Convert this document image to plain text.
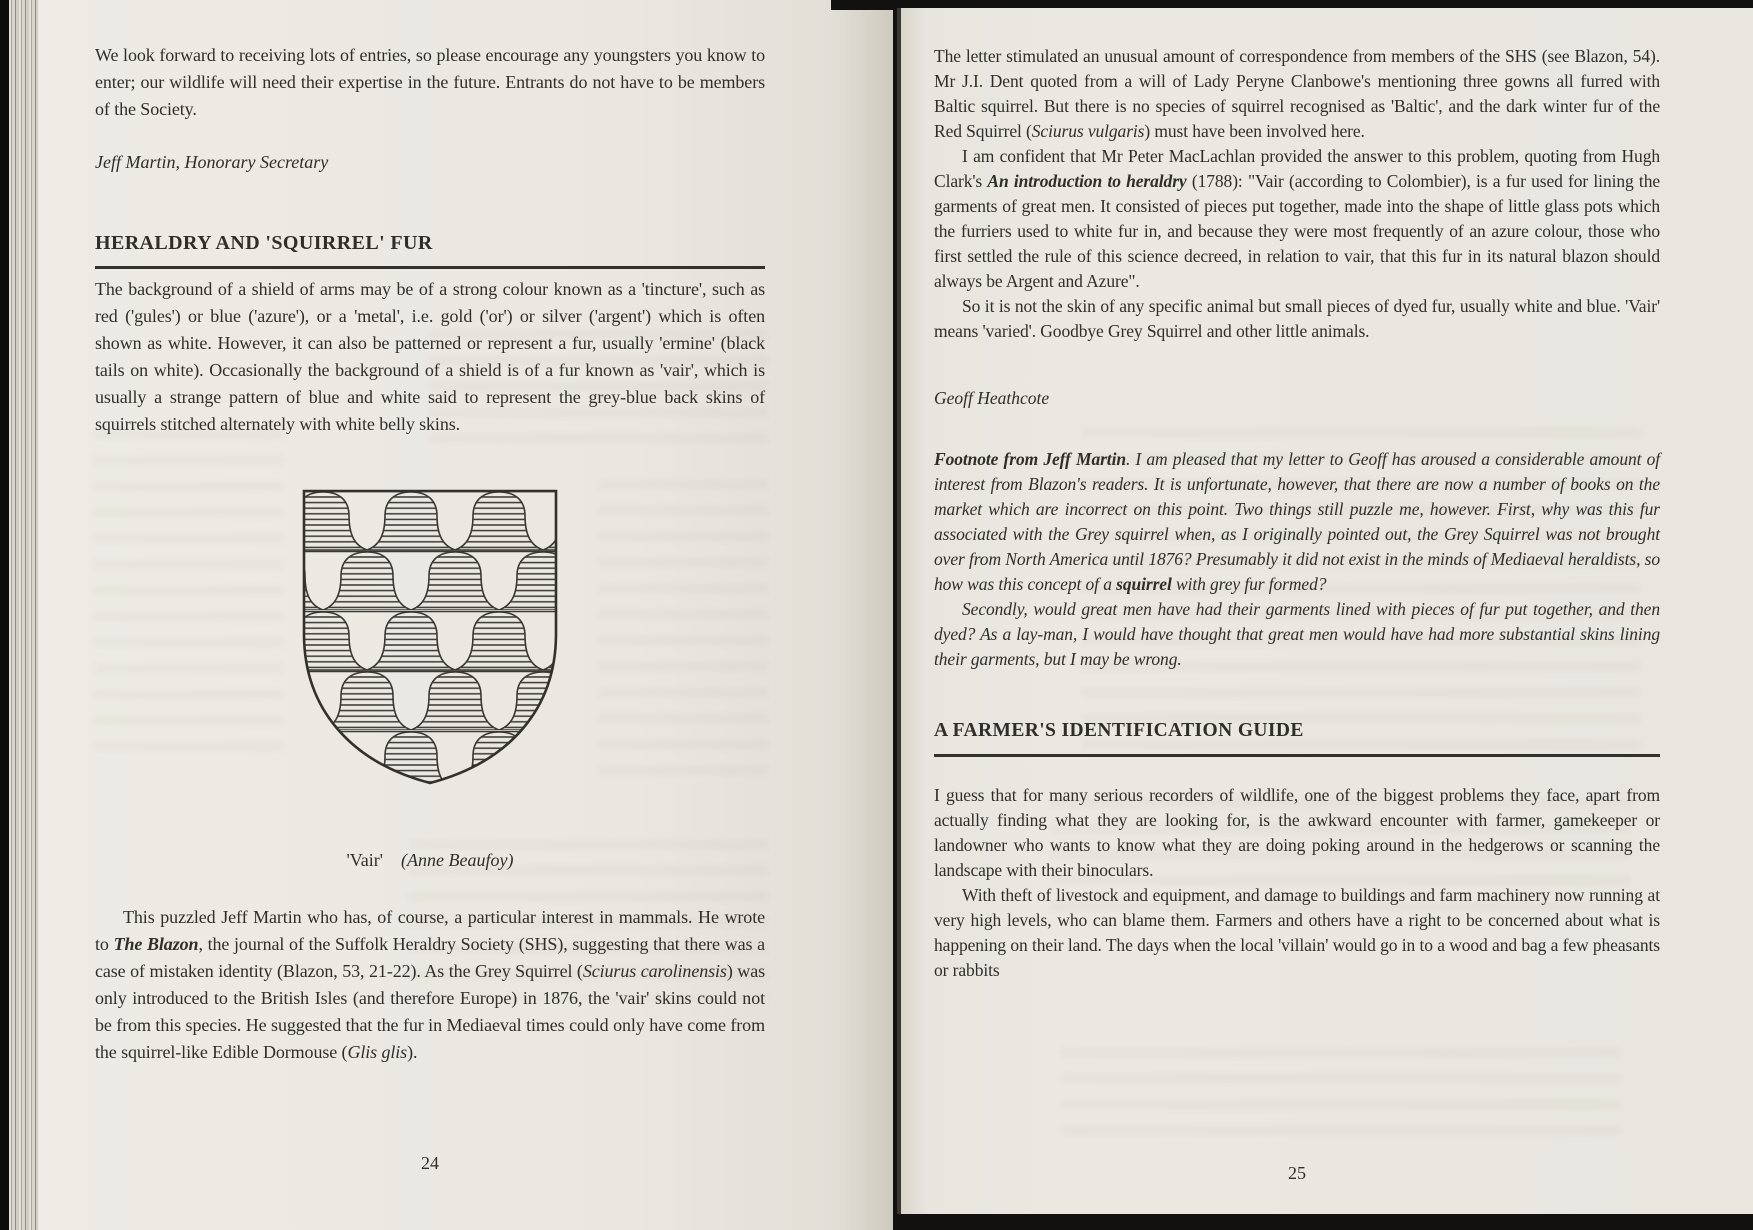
We look forward to receiving lots of entries, so please encourage any youngsters you know to enter; our wildlife will need their expertise in the future. Entrants do not have to be members of the Society.

Jeff Martin, Honorary Secretary
HERALDRY AND 'SQUIRREL' FUR

The background of a shield of arms may be of a strong colour known as a 'tincture', such as red ('gules') or blue ('azure'), or a 'metal', i.e. gold ('or') or silver ('argent') which is often shown as white. However, it can also be patterned or represent a fur, usually 'ermine' (black tails on white). Occasionally the background of a shield is of a fur known as 'vair', which is usually a strange pattern of blue and white said to represent the grey-blue back skins of squirrels stitched alternately with white belly skins.

'Vair' (Anne Beaufoy)

This puzzled Jeff Martin who has, of course, a particular interest in mammals. He wrote to The Blazon, the journal of the Suffolk Heraldry Society (SHS), suggesting that there was a case of mistaken identity (Blazon, 53, 21-22). As the Grey Squirrel (Sciurus carolinensis) was only introduced to the British Isles (and therefore Europe) in 1876, the 'vair' skins could not be from this species. He suggested that the fur in Mediaeval times could only have come from the squirrel-like Edible Dormouse (Glis glis).

24

The letter stimulated an unusual amount of correspondence from members of the SHS (see Blazon, 54). Mr J.I. Dent quoted from a will of Lady Peryne Clanbowe's mentioning three gowns all furred with Baltic squirrel. But there is no species of squirrel recognised as 'Baltic', and the dark winter fur of the Red Squirrel (Sciurus vulgaris) must have been involved here.

I am confident that Mr Peter MacLachlan provided the answer to this problem, quoting from Hugh Clark's An introduction to heraldry (1788): "Vair (according to Colombier), is a fur used for lining the garments of great men. It consisted of pieces put together, made into the shape of little glass pots which the furriers used to white fur in, and because they were most frequently of an azure colour, those who first settled the rule of this science decreed, in relation to vair, that this fur in its natural blazon should always be Argent and Azure".

So it is not the skin of any specific animal but small pieces of dyed fur, usually white and blue. 'Vair' means 'varied'. Goodbye Grey Squirrel and other little animals.

Geoff Heathcote

Footnote from Jeff Martin. I am pleased that my letter to Geoff has aroused a considerable amount of interest from Blazon's readers. It is unfortunate, however, that there are now a number of books on the market which are incorrect on this point. Two things still puzzle me, however. First, why was this fur associated with the Grey squirrel when, as I originally pointed out, the Grey Squirrel was not brought over from North America until 1876? Presumably it did not exist in the minds of Mediaeval heraldists, so how was this concept of a squirrel with grey fur formed?

Secondly, would great men have had their garments lined with pieces of fur put together, and then dyed? As a lay-man, I would have thought that great men would have had more substantial skins lining their garments, but I may be wrong.

A FARMER'S IDENTIFICATION GUIDE

I guess that for many serious recorders of wildlife, one of the biggest problems they face, apart from actually finding what they are looking for, is the awkward encounter with farmer, gamekeeper or landowner who wants to know what they are doing poking around in the hedgerows or scanning the landscape with their binoculars.

With theft of livestock and equipment, and damage to buildings and farm machinery now running at very high levels, who can blame them. Farmers and others have a right to be concerned about what is happening on their land. The days when the local 'villain' would go in to a wood and bag a few pheasants or rabbits

25
